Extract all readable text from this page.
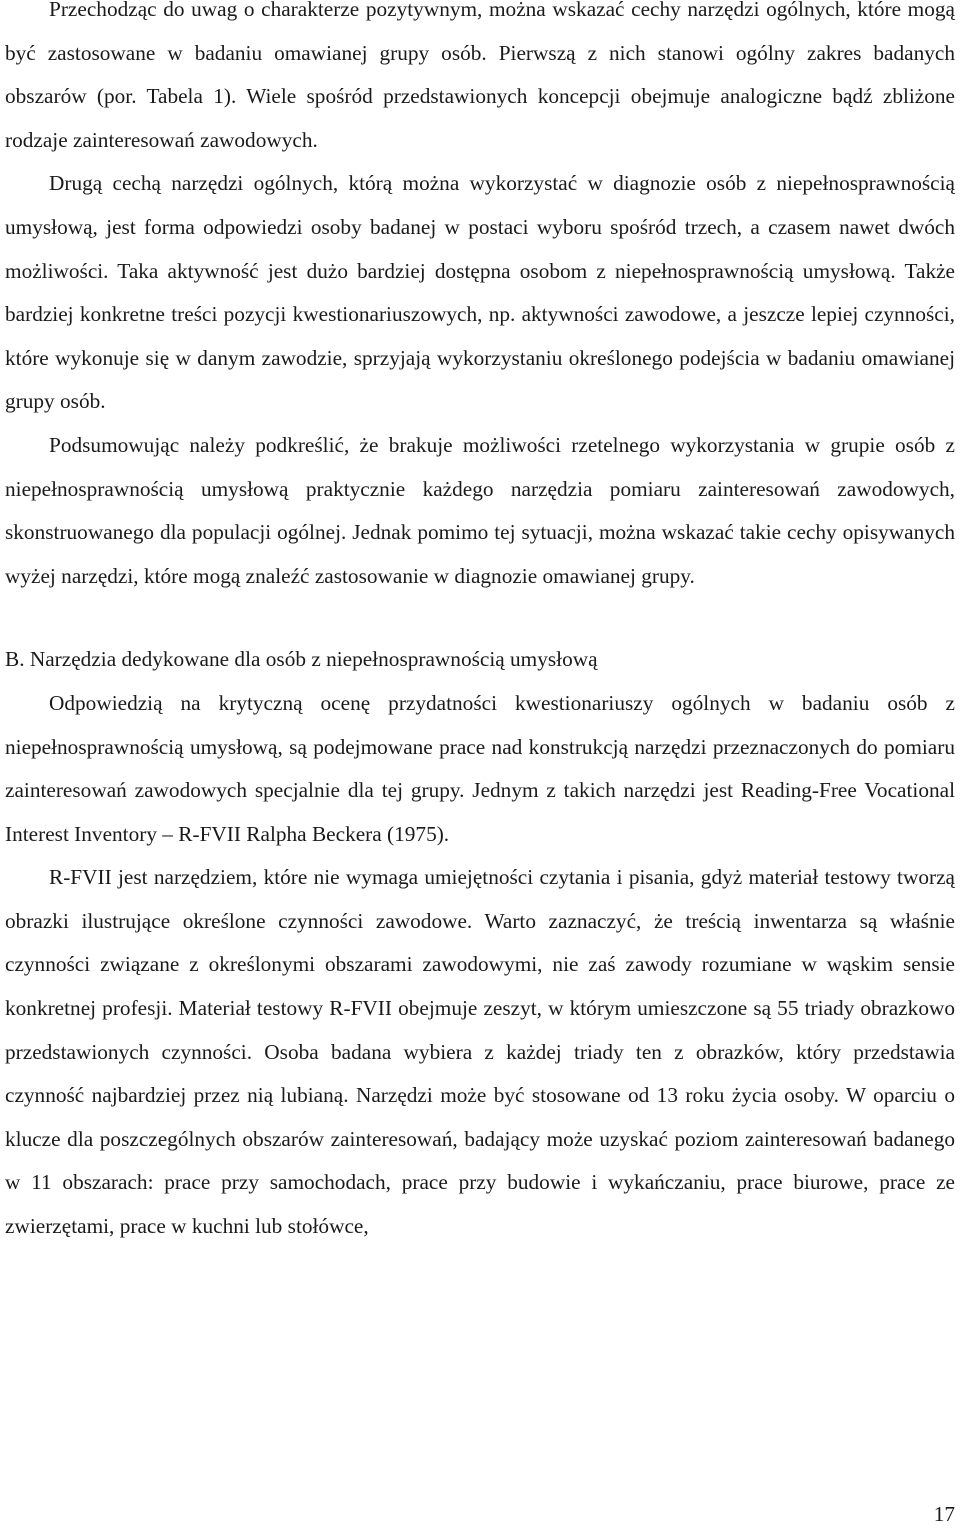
Przechodząc do uwag o charakterze pozytywnym, można wskazać cechy narzędzi ogólnych, które mogą być zastosowane w badaniu omawianej grupy osób. Pierwszą z nich stanowi ogólny zakres badanych obszarów (por. Tabela 1). Wiele spośród przedstawionych koncepcji obejmuje analogiczne bądź zbliżone rodzaje zainteresowań zawodowych.

Drugą cechą narzędzi ogólnych, którą można wykorzystać w diagnozie osób z niepełnosprawnością umysłową, jest forma odpowiedzi osoby badanej w postaci wyboru spośród trzech, a czasem nawet dwóch możliwości. Taka aktywność jest dużo bardziej dostępna osobom z niepełnosprawnością umysłową. Także bardziej konkretne treści pozycji kwestionariuszowych, np. aktywności zawodowe, a jeszcze lepiej czynności, które wykonuje się w danym zawodzie, sprzyjają wykorzystaniu określonego podejścia w badaniu omawianej grupy osób.

Podsumowując należy podkreślić, że brakuje możliwości rzetelnego wykorzystania w grupie osób z niepełnosprawnością umysłową praktycznie każdego narzędzia pomiaru zainteresowań zawodowych, skonstruowanego dla populacji ogólnej. Jednak pomimo tej sytuacji, można wskazać takie cechy opisywanych wyżej narzędzi, które mogą znaleźć zastosowanie w diagnozie omawianej grupy.

B. Narzędzia dedykowane dla osób z niepełnosprawnością umysłową

Odpowiedzią na krytyczną ocenę przydatności kwestionariuszy ogólnych w badaniu osób z niepełnosprawnością umysłową, są podejmowane prace nad konstrukcją narzędzi przeznaczonych do pomiaru zainteresowań zawodowych specjalnie dla tej grupy. Jednym z takich narzędzi jest Reading-Free Vocational Interest Inventory – R-FVII Ralpha Beckera (1975).

R-FVII jest narzędziem, które nie wymaga umiejętności czytania i pisania, gdyż materiał testowy tworzą obrazki ilustrujące określone czynności zawodowe. Warto zaznaczyć, że treścią inwentarza są właśnie czynności związane z określonymi obszarami zawodowymi, nie zaś zawody rozumiane w wąskim sensie konkretnej profesji. Materiał testowy R-FVII obejmuje zeszyt, w którym umieszczone są 55 triady obrazkowo przedstawionych czynności. Osoba badana wybiera z każdej triady ten z obrazków, który przedstawia czynność najbardziej przez nią lubianą. Narzędzi może być stosowane od 13 roku życia osoby. W oparciu o klucze dla poszczególnych obszarów zainteresowań, badający może uzyskać poziom zainteresowań badanego w 11 obszarach: prace przy samochodach, prace przy budowie i wykańczaniu, prace biurowe, prace ze zwierzętami, prace w kuchni lub stołówce,

17
